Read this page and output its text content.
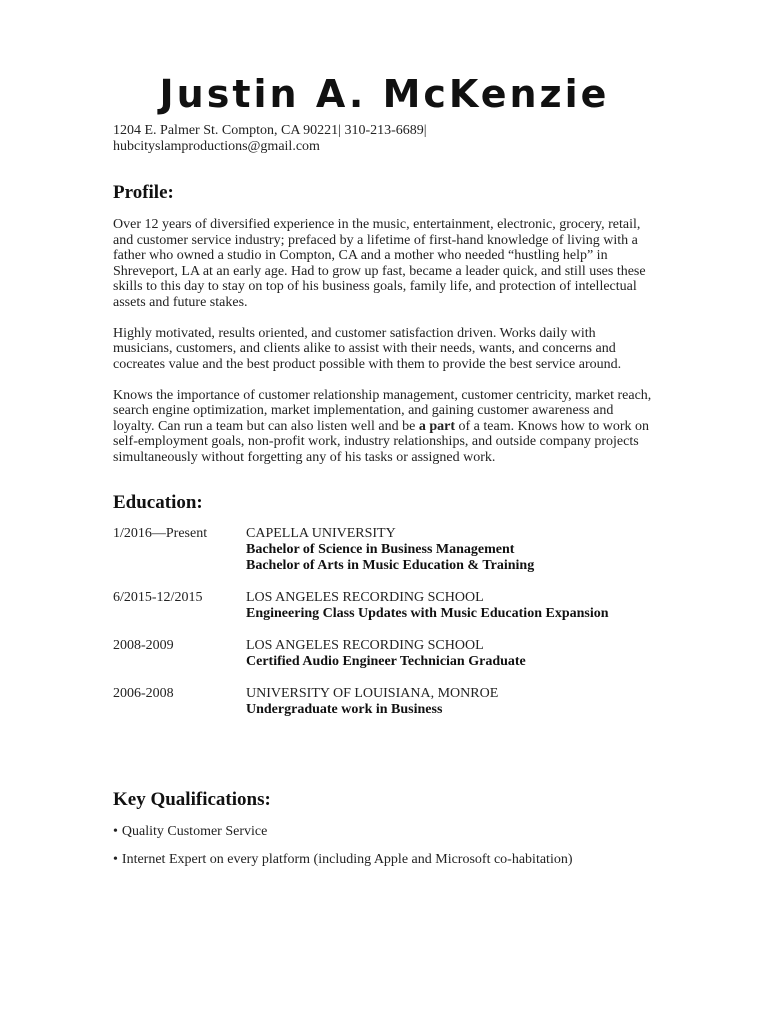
Justin A. McKenzie
1204 E. Palmer St. Compton, CA 90221| 310-213-6689|
hubcityslamproductions@gmail.com
Profile:

Over 12 years of diversified experience in the music, entertainment, electronic, grocery, retail, and customer service industry; prefaced by a lifetime of first-hand knowledge of living with a father who owned a studio in Compton, CA and a mother who needed “hustling help” in Shreveport, LA at an early age. Had to grow up fast, became a leader quick, and still uses these skills to this day to stay on top of his business goals, family life, and protection of intellectual assets and future stakes.

Highly motivated, results oriented, and customer satisfaction driven. Works daily with musicians, customers, and clients alike to assist with their needs, wants, and concerns and cocreates value and the best product possible with them to provide the best service around.

Knows the importance of customer relationship management, customer centricity, market reach, search engine optimization, market implementation, and gaining customer awareness and loyalty. Can run a team but can also listen well and be a part of a team. Knows how to work on self-employment goals, non-profit work, industry relationships, and outside company projects simultaneously without forgetting any of his tasks or assigned work.

Education:
1/2016—Present	CAPELLA UNIVERSITY
Bachelor of Science in Business Management
Bachelor of Arts in Music Education & Training
6/2015-12/2015	LOS ANGELES RECORDING SCHOOL
Engineering Class Updates with Music Education Expansion
2008-2009	LOS ANGELES RECORDING SCHOOL
Certified Audio Engineer Technician Graduate
2006-2008	UNIVERSITY OF LOUISIANA, MONROE
Undergraduate work in Business
Key Qualifications:
• Quality Customer Service
• Internet Expert on every platform (including Apple and Microsoft co-habitation)
